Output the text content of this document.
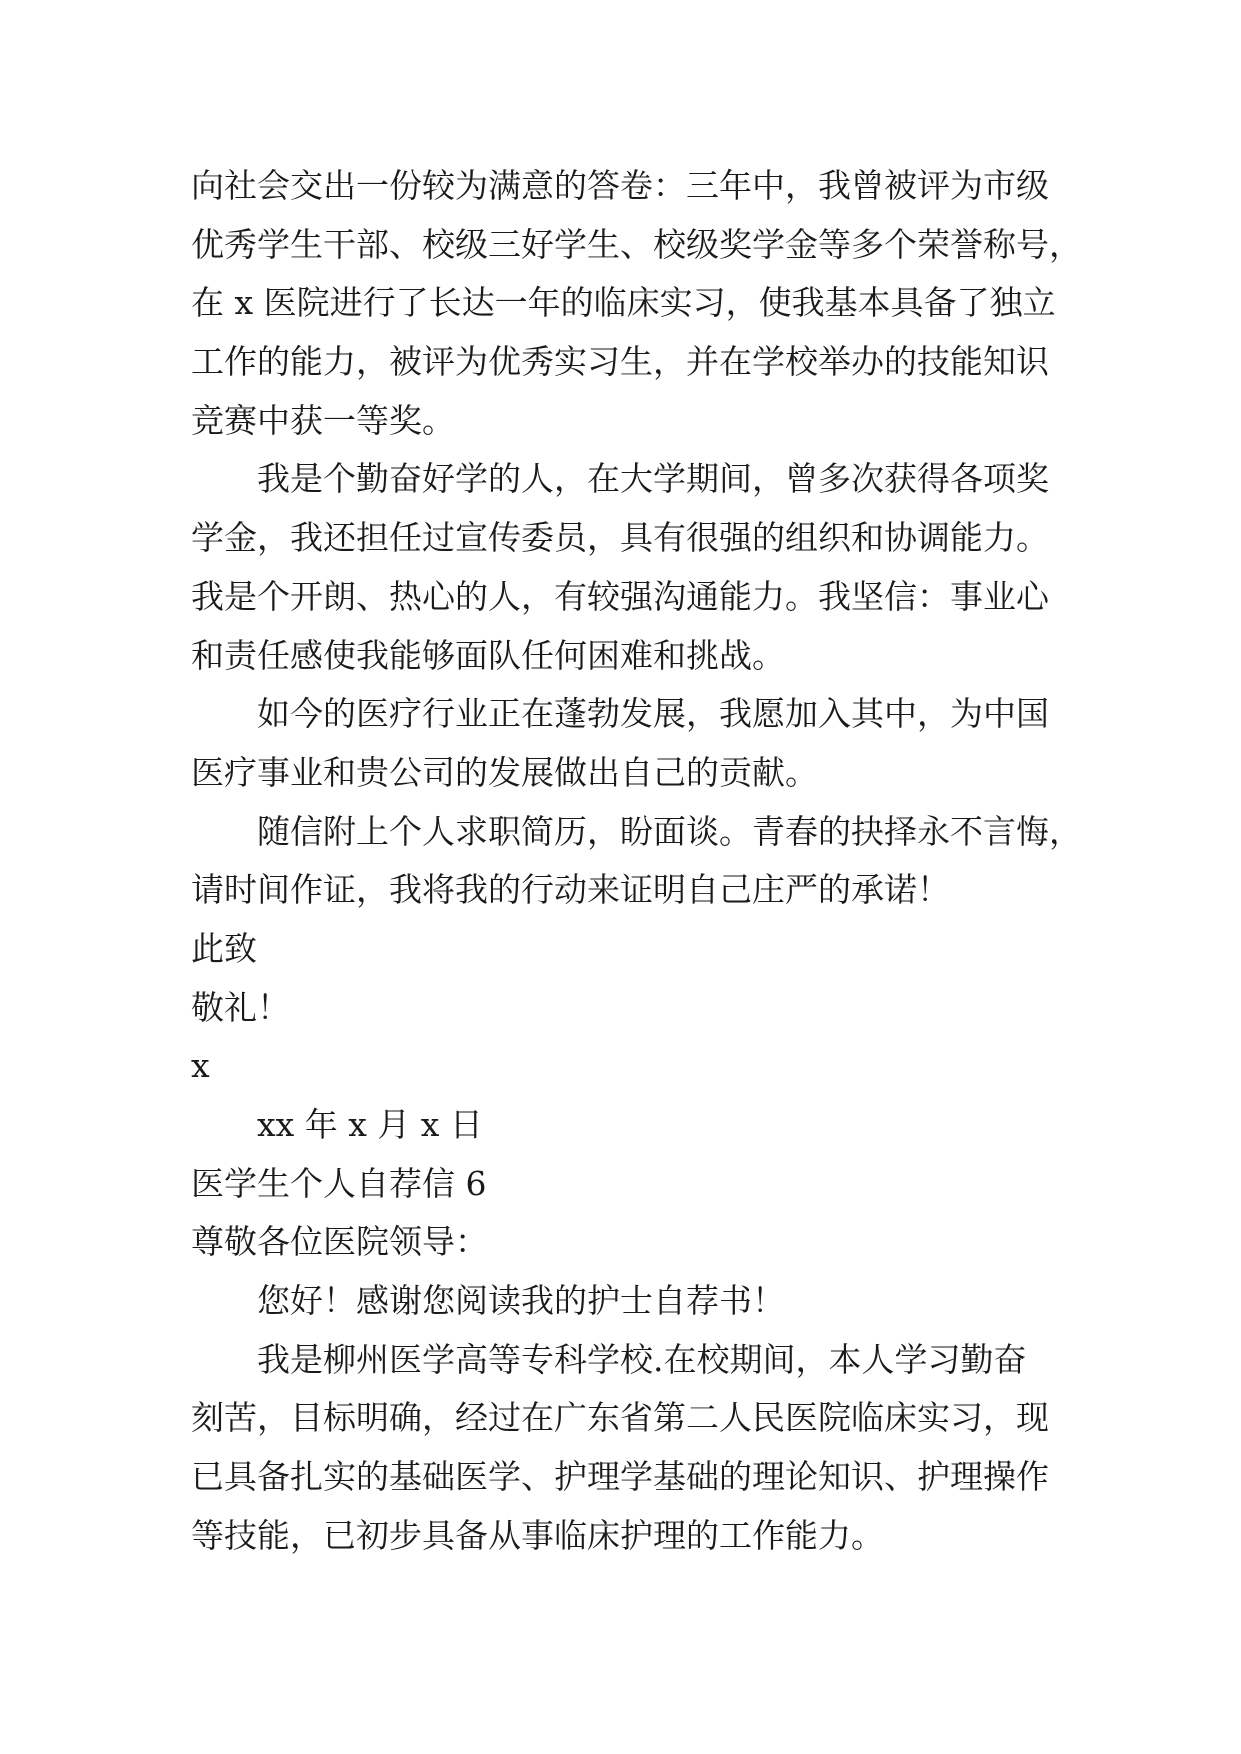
向社会交出一份较为满意的答卷：三年中，我曾被评为市级
优秀学生干部、校级三好学生、校级奖学金等多个荣誉称号，
在 x 医院进行了长达一年的临床实习，使我基本具备了独立
工作的能力，被评为优秀实习生，并在学校举办的技能知识
竞赛中获一等奖。
我是个勤奋好学的人，在大学期间，曾多次获得各项奖
学金，我还担任过宣传委员，具有很强的组织和协调能力。
我是个开朗、热心的人，有较强沟通能力。我坚信：事业心
和责任感使我能够面队任何困难和挑战。
如今的医疗行业正在蓬勃发展，我愿加入其中，为中国
医疗事业和贵公司的发展做出自己的贡献。
随信附上个人求职简历，盼面谈。青春的抉择永不言悔，
请时间作证，我将我的行动来证明自己庄严的承诺！
此致
敬礼！
x
xx 年 x 月 x 日
医学生个人自荐信 6
尊敬各位医院领导：
您好！感谢您阅读我的护士自荐书！
我是柳州医学高等专科学校.在校期间，本人学习勤奋
刻苦，目标明确，经过在广东省第二人民医院临床实习，现
已具备扎实的基础医学、护理学基础的理论知识、护理操作
等技能，已初步具备从事临床护理的工作能力。
